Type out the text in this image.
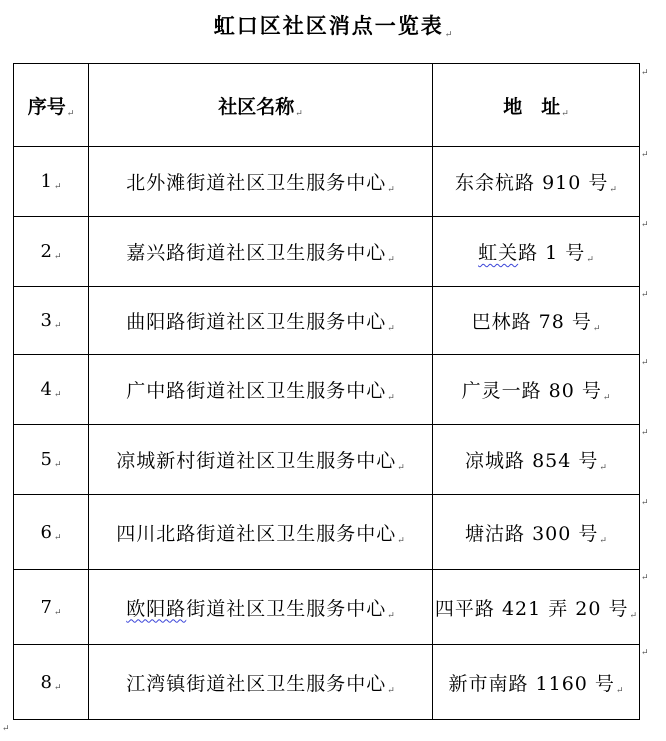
虹口区社区消点一览表↵
序号↵	社区名称↵	地　址↵
1↵	北外滩街道社区卫生服务中心↵	东余杭路 910 号↵
2↵	嘉兴路街道社区卫生服务中心↵	虹关路 1 号↵
3↵	曲阳路街道社区卫生服务中心↵	巴林路 78 号↵
4↵	广中路街道社区卫生服务中心↵	广灵一路 80 号↵
5↵	凉城新村街道社区卫生服务中心↵	凉城路 854 号↵
6↵	四川北路街道社区卫生服务中心↵	塘沽路 300 号↵
7↵	欧阳路街道社区卫生服务中心↵	四平路 421 弄 20 号↵
8↵	江湾镇街道社区卫生服务中心↵	新市南路 1160 号↵
↵
↵
↵
↵
↵
↵
↵
↵
↵
↵
